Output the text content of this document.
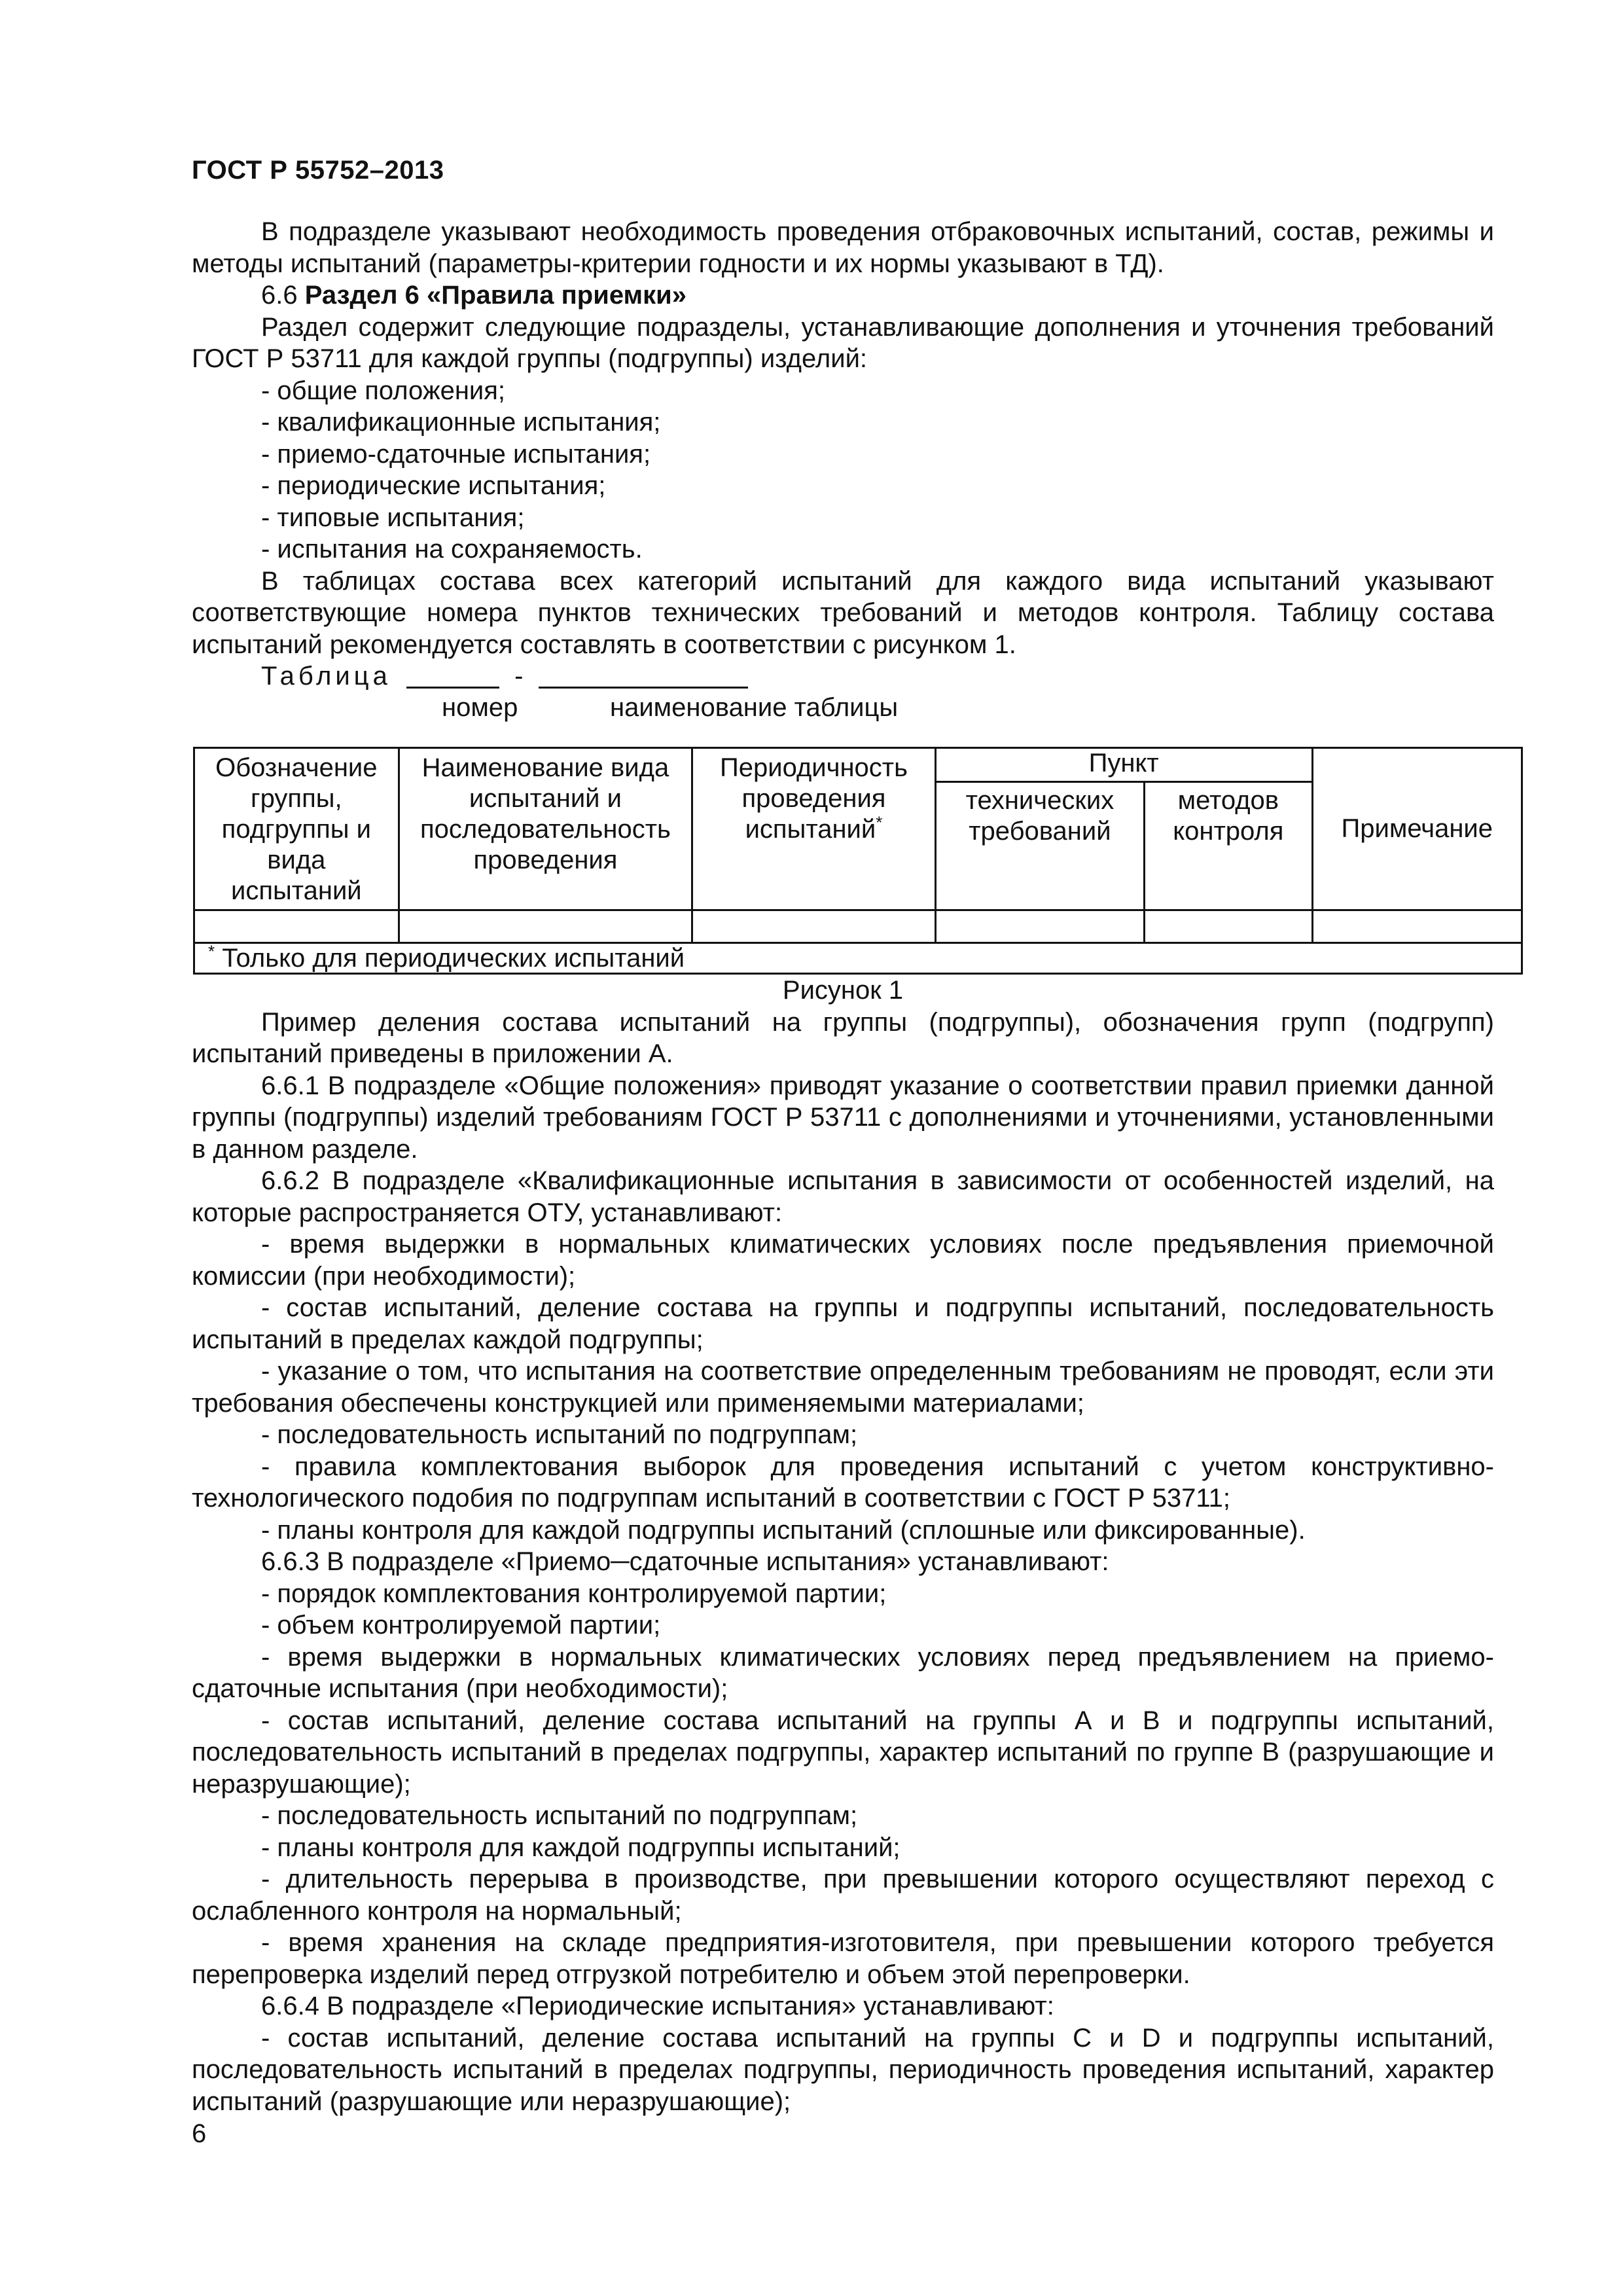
ГОСТ Р 55752–2013

В подразделе указывают необходимость проведения отбраковочных испытаний, состав, режимы и методы испытаний (параметры-критерии годности и их нормы указывают в ТД).

6.6 Раздел 6 «Правила приемки»

Раздел содержит следующие подразделы, устанавливающие дополнения и уточнения требований ГОСТ Р 53711 для каждой группы (подгруппы) изделий:

- общие положения;

- квалификационные испытания;

- приемо-сдаточные испытания;

- периодические испытания;

- типовые испытания;

- испытания на сохраняемость.

В таблицах состава всех категорий испытаний для каждого вида испытаний указывают соответствующие номера пунктов технических требований и методов контроля. Таблицу состава испытаний рекомендуется составлять в соответствии с рисунком 1.

Таблица	-

номер	наименование таблицы
Обозначение группы, подгруппы и вида испытаний	Наименование вида испытаний и последовательность проведения	Периодичность проведения испытаний*	Пункт		Примечание
			технических требований	методов контроля	

* Только для периодических испытаний					

Рисунок 1

Пример деления состава испытаний на группы (подгруппы), обозначения групп (подгрупп) испытаний приведены в приложении А.

6.6.1 В подразделе «Общие положения» приводят указание о соответствии правил приемки данной группы (подгруппы) изделий требованиям ГОСТ Р 53711 с дополнениями и уточнениями, установленными в данном разделе.

6.6.2 В подразделе «Квалификационные испытания в зависимости от особенностей изделий, на которые распространяется ОТУ, устанавливают:

- время выдержки в нормальных климатических условиях после предъявления приемочной комиссии (при необходимости);

- состав испытаний, деление состава на группы и подгруппы испытаний, последовательность испытаний в пределах каждой подгруппы;

- указание о том, что испытания на соответствие определенным требованиям не проводят, если эти требования обеспечены конструкцией или применяемыми материалами;

- последовательность испытаний по подгруппам;

- правила комплектования выборок для проведения испытаний с учетом конструктивно-технологического подобия по подгруппам испытаний в соответствии с ГОСТ Р 53711;

- планы контроля для каждой подгруппы испытаний (сплошные или фиксированные).

6.6.3 В подразделе «Приемо─сдаточные испытания» устанавливают:

- порядок комплектования контролируемой партии;

- объем контролируемой партии;

- время выдержки в нормальных климатических условиях перед предъявлением на приемо-сдаточные испытания (при необходимости);

- состав испытаний, деление состава испытаний на группы А и В и подгруппы испытаний, последовательность испытаний в пределах подгруппы, характер испытаний по группе В (разрушающие и неразрушающие);

- последовательность испытаний по подгруппам;

- планы контроля для каждой подгруппы испытаний;

- длительность перерыва в производстве, при превышении которого осуществляют переход с ослабленного контроля на нормальный;

- время хранения на складе предприятия-изготовителя, при превышении которого требуется перепроверка изделий перед отгрузкой потребителю и объем этой перепроверки.

6.6.4 В подразделе «Периодические испытания» устанавливают:

- состав испытаний, деление состава испытаний на группы С и D и подгруппы испытаний, последовательность испытаний в пределах подгруппы, периодичность проведения испытаний, характер испытаний (разрушающие или неразрушающие);

6
